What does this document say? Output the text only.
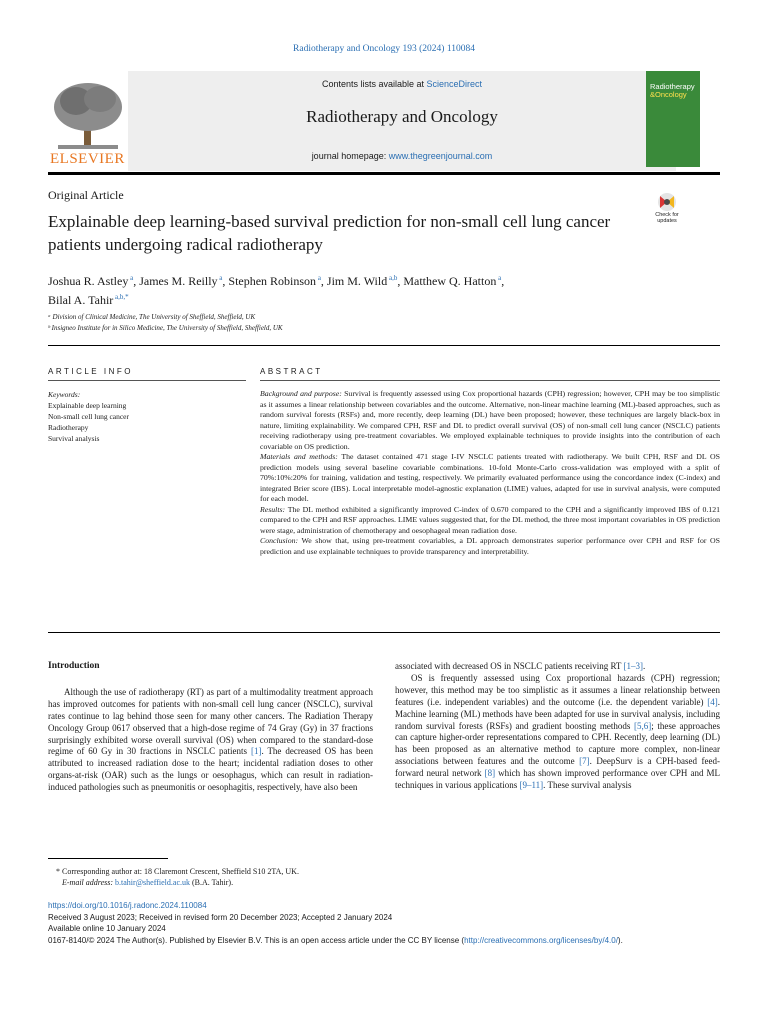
Radiotherapy and Oncology 193 (2024) 110084
ELSEVIER
Contents lists available at ScienceDirect
Radiotherapy and Oncology
journal homepage: www.thegreenjournal.com
Radiotherapy
&Oncology
Original Article
Explainable deep learning-based survival prediction for non-small cell lung cancer patients undergoing radical radiotherapy
Check for updates
Joshua R. Astley $^a$, James M. Reilly $^a$, Stephen Robinson $^a$, Jim M. Wild $^{a,b}$, Matthew Q. Hatton $^a$,
Bilal A. Tahir $^{a,b,*}$
ᵃ Division of Clinical Medicine, The University of Sheffield, Sheffield, UK
ᵇ Insigneo Institute for in Silico Medicine, The University of Sheffield, Sheffield, UK
ARTICLE INFO	ABSTRACT
Keywords:
Explainable deep learning
Non-small cell lung cancer
Radiotherapy
Survival analysis
Background and purpose: Survival is frequently assessed using Cox proportional hazards (CPH) regression; however, CPH may be too simplistic as it assumes a linear relationship between covariables and the outcome. Alternative, non-linear machine learning (ML)-based approaches, such as random survival forests (RSFs) and, more recently, deep learning (DL) have been proposed; however, these techniques are largely black-box in nature, limiting explainability. We compared CPH, RSF and DL to predict overall survival (OS) of non-small cell lung cancer (NSCLC) patients receiving radiotherapy using pre-treatment covariables. We employed explainable techniques to provide insights into the contribution of each covariable on OS prediction.
Materials and methods: The dataset contained 471 stage I-IV NSCLC patients treated with radiotherapy. We built CPH, RSF and DL OS prediction models using several baseline covariable combinations. 10-fold Monte-Carlo cross-validation was employed with a split of 70%:10%:20% for training, validation and testing, respectively. We primarily evaluated performance using the concordance index (C-index) and integrated Brier score (IBS). Local interpretable model-agnostic explanation (LIME) values, adapted for use in survival analysis, were computed for each model.
Results: The DL method exhibited a significantly improved C-index of 0.670 compared to the CPH and a significantly improved IBS of 0.121 compared to the CPH and RSF approaches. LIME values suggested that, for the DL method, the three most important covariables in OS prediction were stage, administration of chemotherapy and oesophageal mean radiation dose.
Conclusion: We show that, using pre-treatment covariables, a DL approach demonstrates superior performance over CPH and RSF for OS prediction and use explainable techniques to provide transparency and interpretability.
Introduction

Although the use of radiotherapy (RT) as part of a multimodality treatment approach has improved outcomes for patients with non-small cell lung cancer (NSCLC), survival rates continue to lag behind those seen for many other cancers. The Radiation Therapy Oncology Group 0617 observed that a high-dose regime of 74 Gray (Gy) in 37 fractions surprisingly exhibited worse overall survival (OS) when compared to the standard-dose regime of 60 Gy in 30 fractions in NSCLC patients [1]. The decreased OS has been attributed to increased radiation dose to the heart; incidental radiation doses to other organs-at-risk (OAR) such as the lungs or oesophagus, which can result in radiation-induced pathologies such as pneumonitis or oesophagitis, respectively, have also been

associated with decreased OS in NSCLC patients receiving RT [1–3].

OS is frequently assessed using Cox proportional hazards (CPH) regression; however, this method may be too simplistic as it assumes a linear relationship between features (i.e. independent variables) and the outcome (i.e. the dependent variable) [4]. Machine learning (ML) methods have been adapted for use in survival analysis, including random survival forests (RSFs) and gradient boosting methods [5,6]; these approaches can capture higher-order representations compared to CPH. Recently, deep learning (DL) has been proposed as an alternative method to capture more complex, non-linear associations between features and the outcome [7]. DeepSurv is a CPH-based feed-forward neural network [8] which has shown improved performance over CPH and ML techniques in various applications [9–11]. These survival analysis

* Corresponding author at: 18 Claremont Crescent, Sheffield S10 2TA, UK.
E-mail address: b.tahir@sheffield.ac.uk (B.A. Tahir).
https://doi.org/10.1016/j.radonc.2024.110084
Received 3 August 2023; Received in revised form 20 December 2023; Accepted 2 January 2024
Available online 10 January 2024
0167-8140/© 2024 The Author(s). Published by Elsevier B.V. This is an open access article under the CC BY license (http://creativecommons.org/licenses/by/4.0/).
